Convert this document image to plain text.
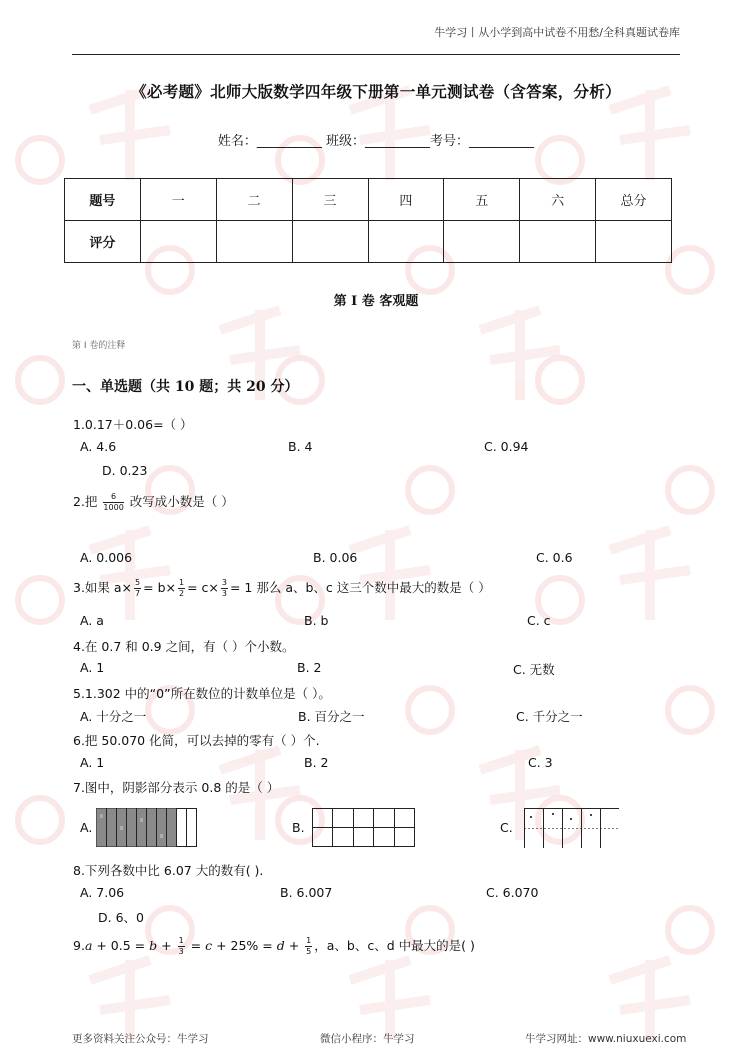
牛学习丨从小学到高中试卷不用愁/全科真题试卷库
《必考题》北师大版数学四年级下册第一单元测试卷（含答案，分析）
姓名：__________ 班级：__________考号：__________
题号	一	二	三	四	五	六	总分
评分							
第 I 卷 客观题
第 I 卷的注释
一、单选题（共 10 题；共 20 分）
1.0.17＋0.06=（ ）
A. 4.6	B. 4	C. 0.94
D. 0.23
2.把 $\frac{6}{1000}$ 改写成小数是（ ）
A. 0.006	B. 0.06	C. 0.6
3.如果 $a\times \frac{5}{7} = b\times \frac{1}{2} = c\times \frac{3}{3} = 1$ 那么 a、b、c 这三个数中最大的数是（ ）
A. a	B. b	C. c
4.在 0.7 和 0.9 之间，有（ ）个小数。
A. 1	B. 2	C. 无数
5.1.302 中的“0”所在数位的计数单位是（ ）。
A. 十分之一	B. 百分之一	C. 千分之一
6.把 50.070 化简，可以去掉的零有（ ）个.
A. 1	B. 2	C. 3
7.图中，阴影部分表示 0.8 的是（ ）
A.	B.	C.
8.下列各数中比 6.07 大的数有( ).
A. 7.06	B. 6.007	C. 6.070
D. 6、0
$9.a + 0.5 = b + \frac{1}{3} = c + 25\% = d + \frac{1}{5}$ ，a、b、c、d 中最大的是( )
更多资料关注公众号：牛学习	微信小程序：牛学习	牛学习网址：www.niuxuexi.com
